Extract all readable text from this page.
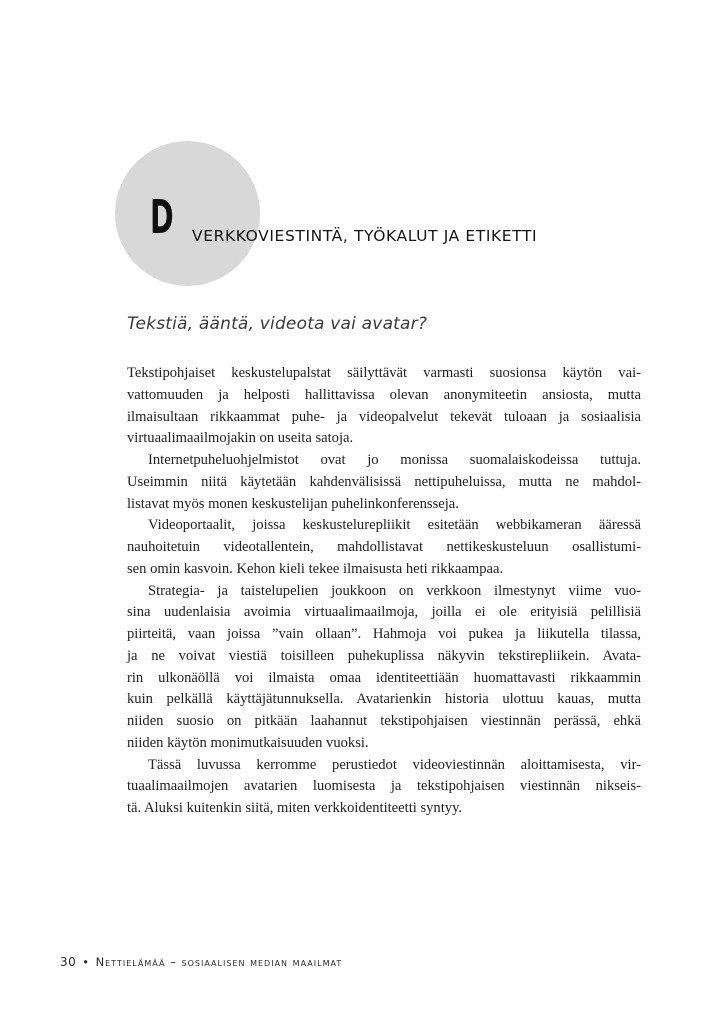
D VERKKOVIESTINTÄ, TYÖKALUT JA ETIKETTI
Tekstiä, ääntä, videota vai avatar?
Tekstipohjaiset keskustelupalstat säilyttävät varmasti suosionsa käytön vai-
vattomuuden ja helposti hallittavissa olevan anonymiteetin ansiosta, mutta
ilmaisultaan rikkaammat puhe- ja videopalvelut tekevät tuloaan ja sosiaalisia
virtuaalimaailmojakin on useita satoja.
Internetpuheluohjelmistot ovat jo monissa suomalaiskodeissa tuttuja.
Useimmin niitä käytetään kahdenvälisissä nettipuheluissa, mutta ne mahdol-
listavat myös monen keskustelijan puhelinkonferensseja.
Videoportaalit, joissa keskustelurepliikit esitetään webbikameran ääressä
nauhoitetuin videotallentein, mahdollistavat nettikeskusteluun osallistumi-
sen omin kasvoin. Kehon kieli tekee ilmaisusta heti rikkaampaa.
Strategia- ja taistelupelien joukkoon on verkkoon ilmestynyt viime vuo-
sina uudenlaisia avoimia virtuaalimaailmoja, joilla ei ole erityisiä pelillisiä
piirteitä, vaan joissa ”vain ollaan”. Hahmoja voi pukea ja liikutella tilassa,
ja ne voivat viestiä toisilleen puhekuplissa näkyvin tekstirepliikein. Avata-
rin ulkonäöllä voi ilmaista omaa identiteettiään huomattavasti rikkaammin
kuin pelkällä käyttäjätunnuksella. Avatarienkin historia ulottuu kauas, mutta
niiden suosio on pitkään laahannut tekstipohjaisen viestinnän perässä, ehkä
niiden käytön monimutkaisuuden vuoksi.
Tässä luvussa kerromme perustiedot videoviestinnän aloittamisesta, vir-
tuaalimaailmojen avatarien luomisesta ja tekstipohjaisen viestinnän nikseis-
tä. Aluksi kuitenkin siitä, miten verkkoidentiteetti syntyy.
30 • Nettielämää – sosiaalisen median maailmat
